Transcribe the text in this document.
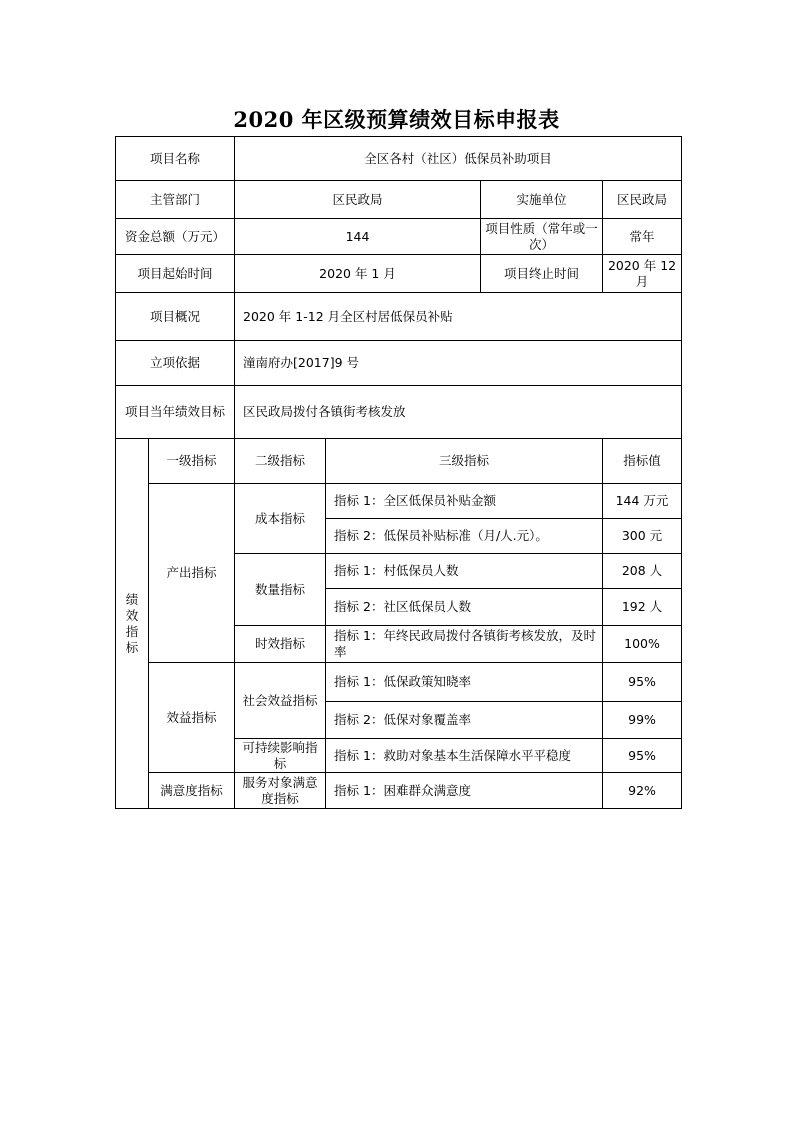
2020 年区级预算绩效目标申报表
项目名称		全区各村（社区）低保员补助项目			
主管部门		区民政局		实施单位	区民政局
资金总额（万元）		144		项目性质（常年或一次）	常年
项目起始时间		2020 年 1 月		项目终止时间	2020 年 12 月
项目概况		2020 年 1-12 月全区村居低保员补贴			
立项依据		潼南府办[2017]9 号			
项目当年绩效目标		区民政局拨付各镇街考核发放			
绩效指标	一级指标	二级指标	三级指标		指标值
	产出指标	成本指标	指标 1：全区低保员补贴金额		144 万元
			指标 2：低保员补贴标准（月/人.元）。		300 元
		数量指标	指标 1：村低保员人数		208 人
			指标 2：社区低保员人数		192 人
		时效指标	指标 1：年终民政局拨付各镇街考核发放，及时率		100%
	效益指标	社会效益指标	指标 1：低保政策知晓率		95%
			指标 2：低保对象覆盖率		99%
		可持续影响指标	指标 1：救助对象基本生活保障水平平稳度		95%
	满意度指标	服务对象满意度指标	指标 1：困难群众满意度		92%
